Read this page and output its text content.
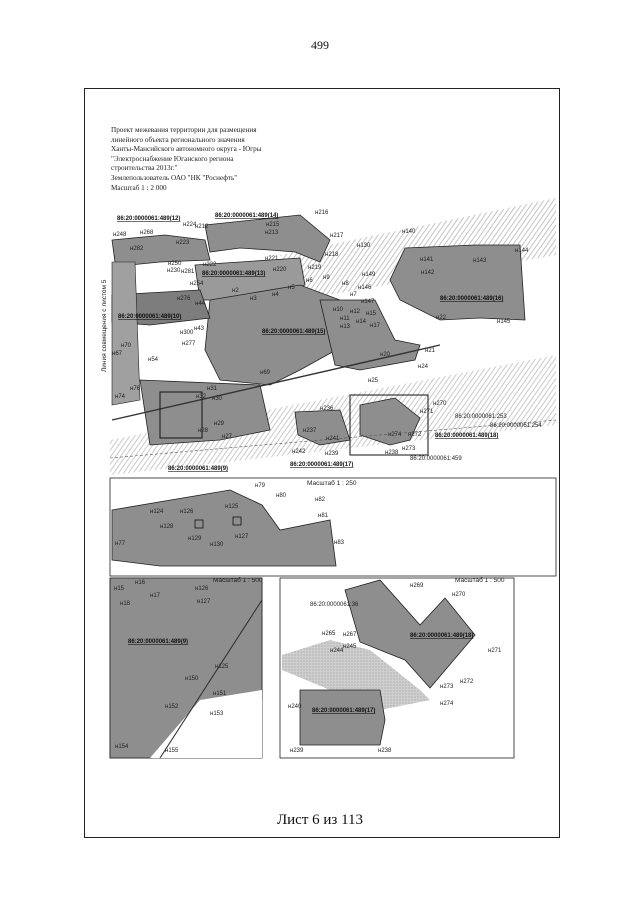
499
86:20:0000061:489(14)
86:20:0000061:489(12)
86:20:0000061:489(13)
86:20:0000061:489(10)
86:20:0000061:489(15)
86:20:0000061:489(16)
86:20:0000061:489(9)
86:20:0000061:489(17)
86:20:0000061:489(18)
86:20:0000061:253
86:20:0000061:254
86:20:0000061:459
н216
н215
н213	н217
н130
н140
н144
н248 н268
н224
н212
н282
н250
н223
н222
н221
н219
н218
н143
н141
н142
н230 н281	н220
н254
н9
н8
н149
н146
н147
н145
н276
н44
н6
н5
н4
н3
н2
н10
н11
н12
н13
н15
н14
н17
н22
н20
н300
н43
н277
н21
н24
н25
н69
н70
н67
н54
н74
н76	н31
н32 н30
н29
н27
н28
н236
н237
н241
н242	н239	н238
н270
н271
н274 н272
н273
н7
Линия совмещения с листом 5
Масштаб 1 : 250
н79
н80
н82
н81
н77	н83
н124
н125
н126
н127
н128
н129
н130
Масштаб 1 : 500
86:20:0000061:489(9)
н15
н16
н17
н18
н126
н127
н125
н150
н151
н152
н153
н154
н155
Масштаб 1 : 500
86:20:0000061:489(18)
86:20:0000061:489(17)
86:20:0000061:36
н269
н270
н265 н267
н244
н245
н271
н273
н272
н274
н240
н239	н238
Проект межевания территории для размещения
линейного объекта регионального значения
Ханты-Мансийского автономного округа - Югры
"Электроснабжение Юганского региона
строительства 2013г."
Землепользователь ОАО "НК "Роснефть"
Масштаб 1 : 2 000
Лист 6 из 113
